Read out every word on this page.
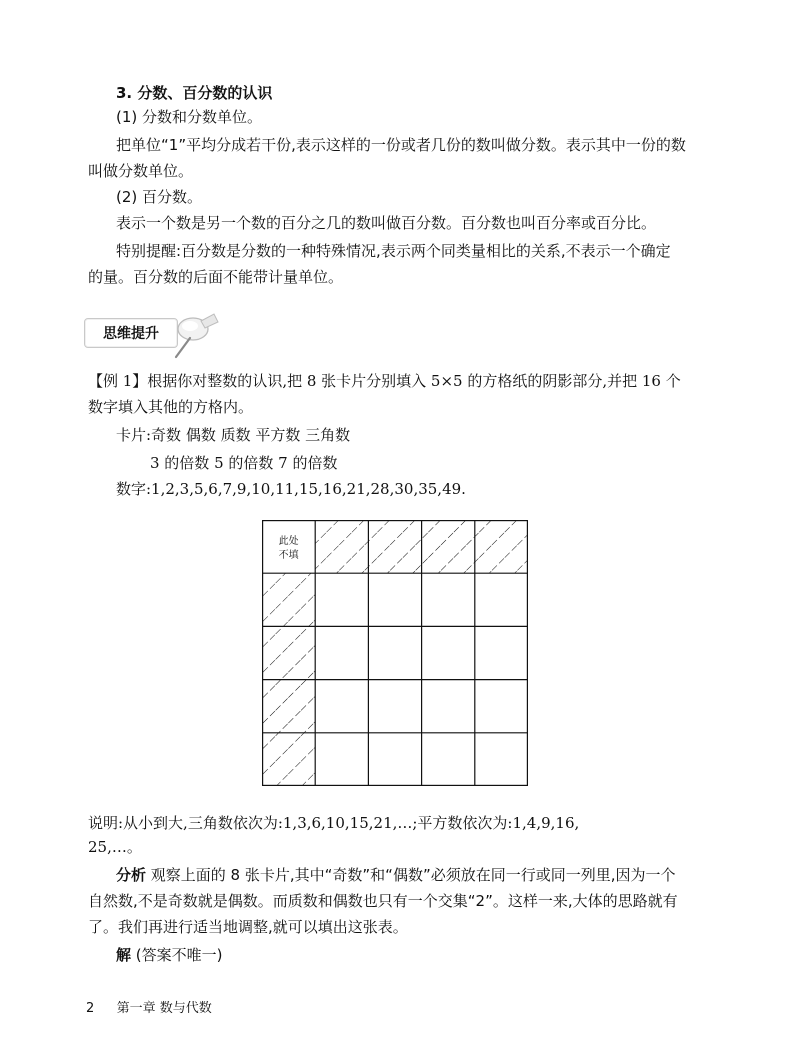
3. 分数、百分数的认识
(1) 分数和分数单位。
把单位“1”平均分成若干份,表示这样的一份或者几份的数叫做分数。表示其中一份的数
叫做分数单位。
(2) 百分数。
表示一个数是另一个数的百分之几的数叫做百分数。百分数也叫百分率或百分比。
特别提醒:百分数是分数的一种特殊情况,表示两个同类量相比的关系,不表示一个确定
的量。百分数的后面不能带计量单位。
思维提升
【例 1】根据你对整数的认识,把 8 张卡片分别填入 5×5 的方格纸的阴影部分,并把 16 个
数字填入其他的方格内。
卡片:奇数 偶数 质数 平方数 三角数
3 的倍数 5 的倍数 7 的倍数
数字:1,2,3,5,6,7,9,10,11,15,16,21,28,30,35,49.
此处
不填
说明:从小到大,三角数依次为:1,3,6,10,15,21,…;平方数依次为:1,4,9,16,
25,…。
分析 观察上面的 8 张卡片,其中“奇数”和“偶数”必须放在同一行或同一列里,因为一个
自然数,不是奇数就是偶数。而质数和偶数也只有一个交集“2”。这样一来,大体的思路就有
了。我们再进行适当地调整,就可以填出这张表。
解 (答案不唯一)
2 第一章 数与代数
